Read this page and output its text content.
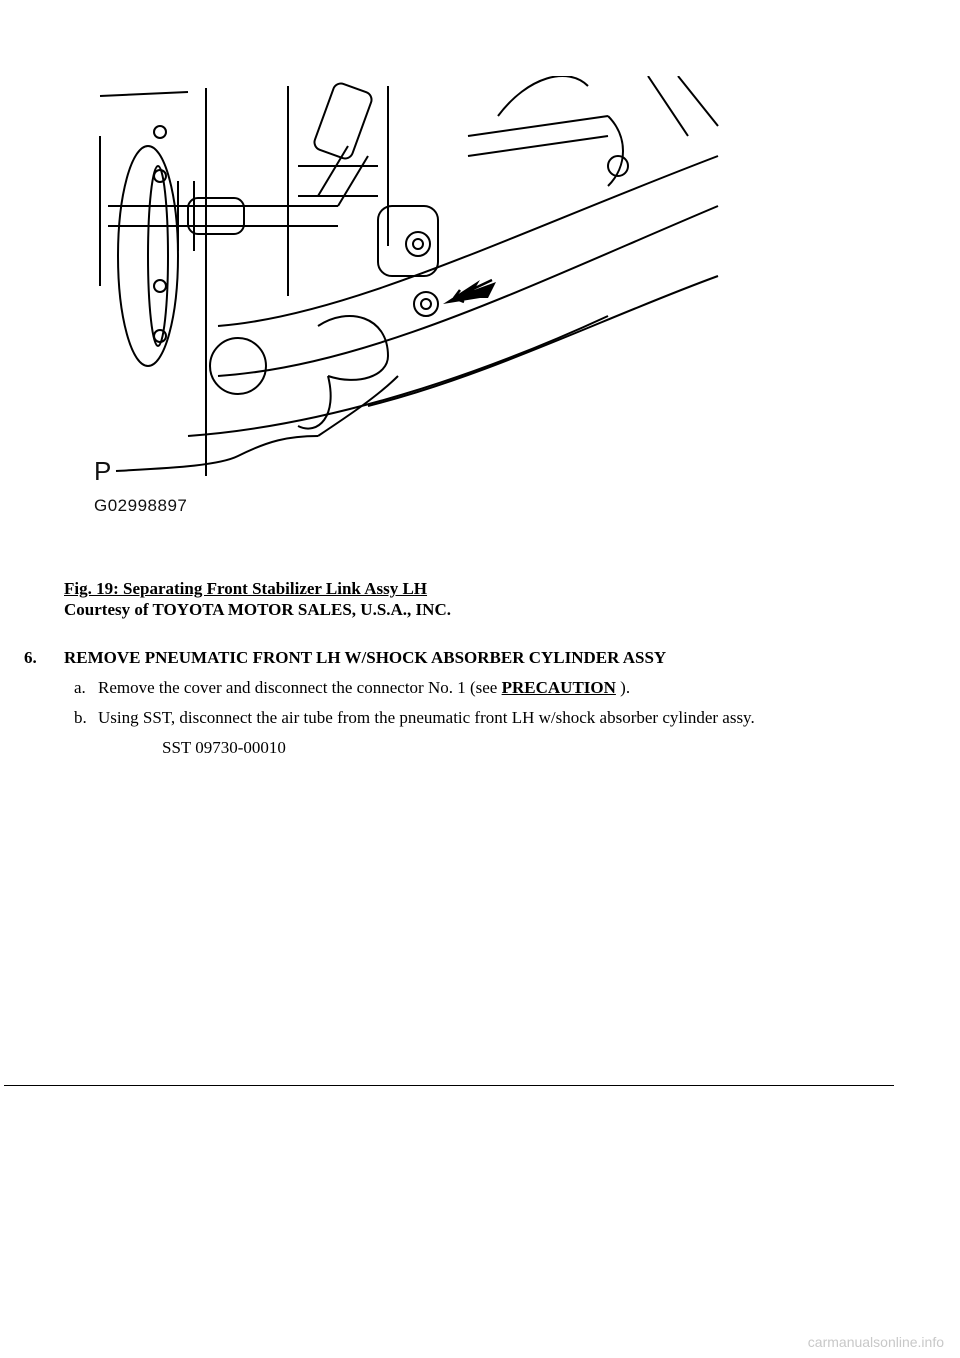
P
G02998897
Fig. 19: Separating Front Stabilizer Link Assy LH
Courtesy of TOYOTA MOTOR SALES, U.S.A., INC.
6. REMOVE PNEUMATIC FRONT LH W/SHOCK ABSORBER CYLINDER ASSY
a. Remove the cover and disconnect the connector No. 1 (see PRECAUTION ).
b. Using SST, disconnect the air tube from the pneumatic front LH w/shock absorber cylinder assy.
SST 09730-00010
carmanualsonline.info
